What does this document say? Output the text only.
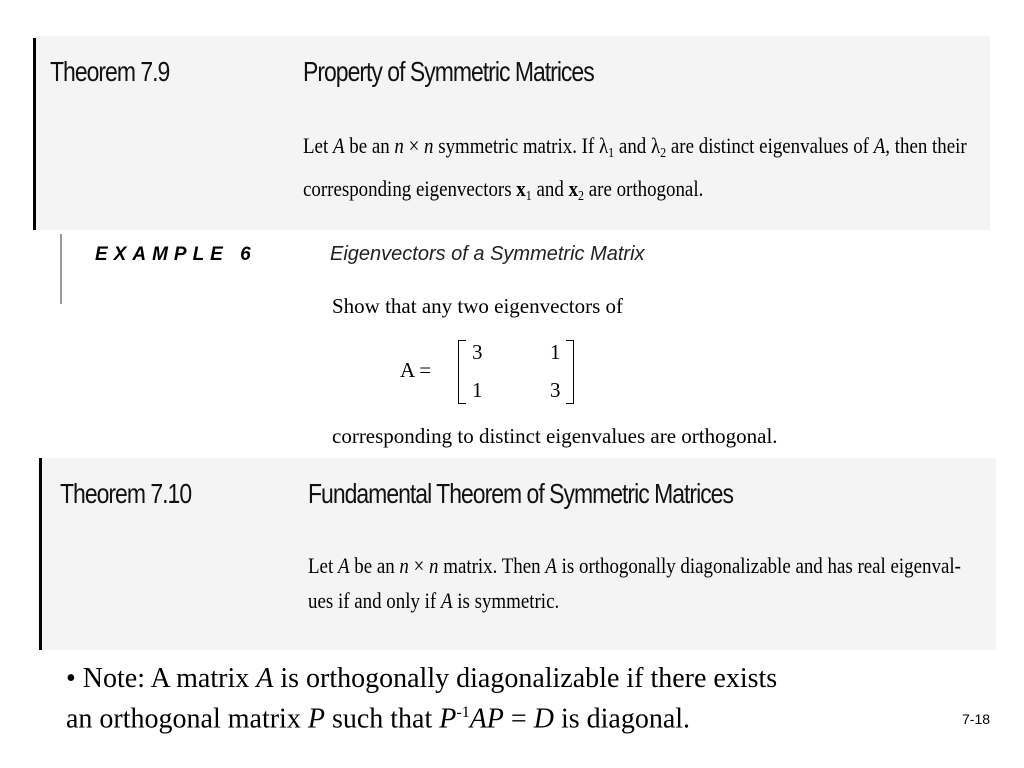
Theorem 7.9	Property of Symmetric Matrices
Let A be an n × n symmetric matrix. If $\lambda_1$ and $\lambda_2$ are distinct eigenvalues of A, then their
corresponding eigenvectors $x_1$ and $x_2$ are orthogonal.
EXAMPLE 6	Eigenvectors of a Symmetric Matrix
Show that any two eigenvectors of
A =
3	1
1	3
corresponding to distinct eigenvalues are orthogonal.
Theorem 7.10	Fundamental Theorem of Symmetric Matrices
Let A be an n × n matrix. Then A is orthogonally diagonalizable and has real eigenval-
ues if and only if A is symmetric.
• Note: A matrix A is orthogonally diagonalizable if there exists
an orthogonal matrix P such that $P^{-1}AP = D$ is diagonal.	7-18
